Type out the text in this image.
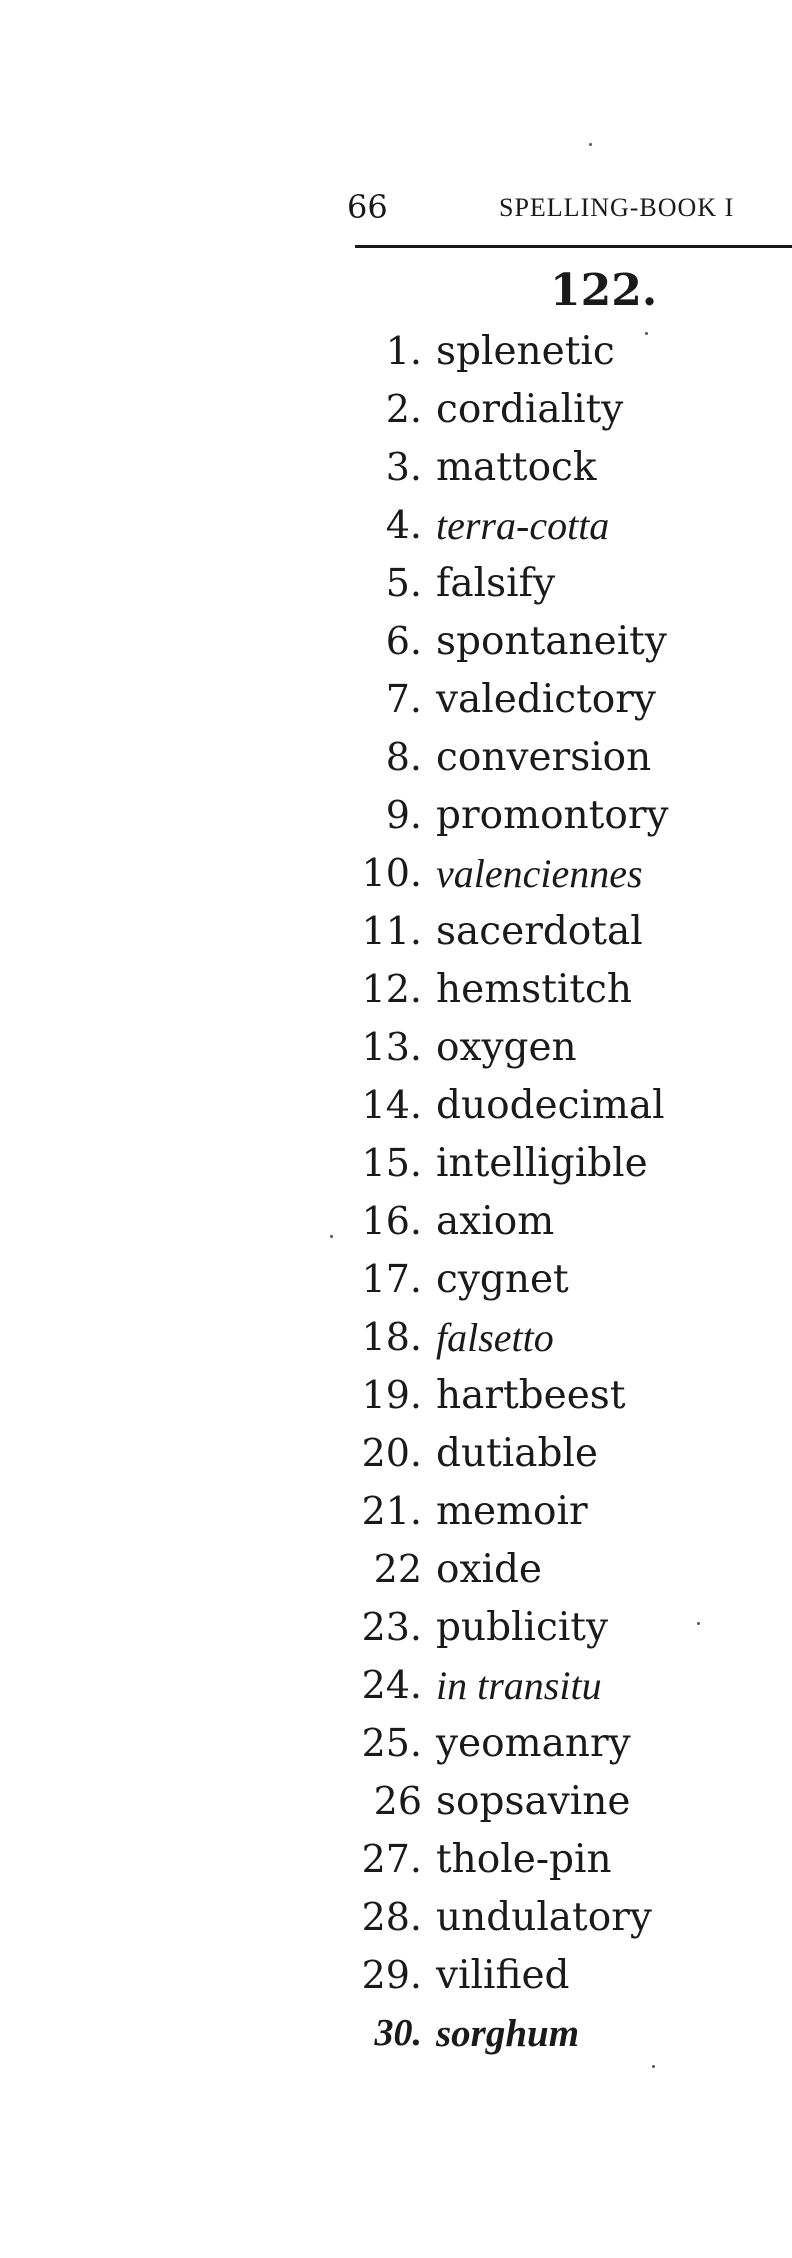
66	SPELLING-BOOK I
122.
1. splenetic
2. cordiality
3. mattock
4. terra-cotta
5. falsify
6. spontaneity
7. valedictory
8. conversion
9. promontory
10. valenciennes
11. sacerdotal
12. hemstitch
13. oxygen
14. duodecimal
15. intelligible
16. axiom
17. cygnet
18. falsetto
19. hartbeest
20. dutiable
21. memoir
22 oxide
23. publicity
24. in transitu
25. yeomanry
26 sopsavine
27. thole-pin
28. undulatory
29. vilified
30. sorghum
